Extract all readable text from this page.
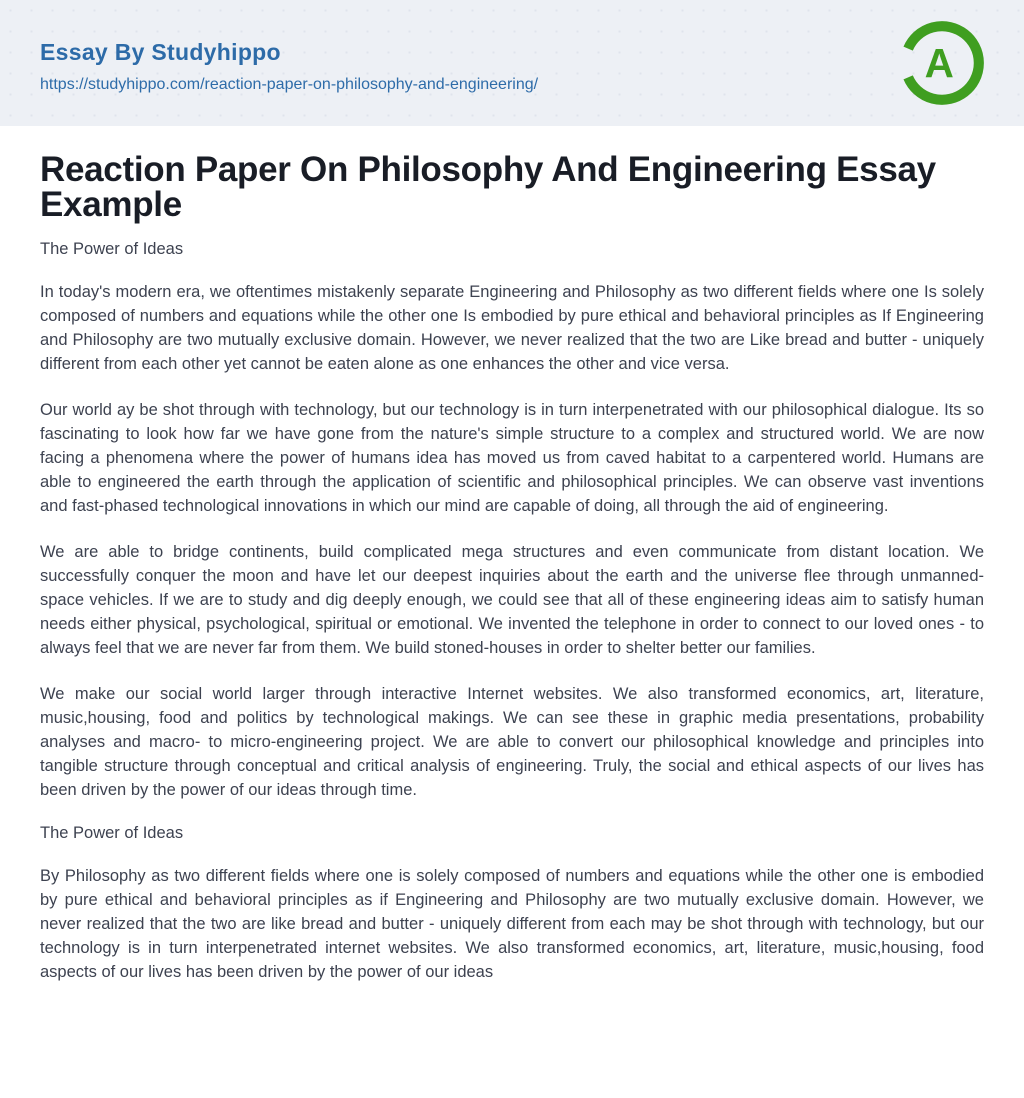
Essay By Studyhippo
https://studyhippo.com/reaction-paper-on-philosophy-and-engineering/	A
Reaction Paper On Philosophy And Engineering Essay Example

The Power of Ideas

In today's modern era, we oftentimes mistakenly separate Engineering and Philosophy as two different fields where one Is solely composed of numbers and equations while the other one Is embodied by pure ethical and behavioral principles as If Engineering and Philosophy are two mutually exclusive domain. However, we never realized that the two are Like bread and butter - uniquely different from each other yet cannot be eaten alone as one enhances the other and vice versa.

Our world ay be shot through with technology, but our technology is in turn interpenetrated with our philosophical dialogue. Its so fascinating to look how far we have gone from the nature's simple structure to a complex and structured world. We are now facing a phenomena where the power of humans idea has moved us from caved habitat to a carpentered world. Humans are able to engineered the earth through the application of scientific and philosophical principles. We can observe vast inventions and fast-phased technological innovations in which our mind are capable of doing, all through the aid of engineering.

We are able to bridge continents, build complicated mega structures and even communicate from distant location. We successfully conquer the moon and have let our deepest inquiries about the earth and the universe flee through unmanned-space vehicles. If we are to study and dig deeply enough, we could see that all of these engineering ideas aim to satisfy human needs either physical, psychological, spiritual or emotional. We invented the telephone in order to connect to our loved ones - to always feel that we are never far from them. We build stoned-houses in order to shelter better our families.

We make our social world larger through interactive Internet websites. We also transformed economics, art, literature, music,housing, food and politics by technological makings. We can see these in graphic media presentations, probability analyses and macro- to micro-engineering project. We are able to convert our philosophical knowledge and principles into tangible structure through conceptual and critical analysis of engineering. Truly, the social and ethical aspects of our lives has been driven by the power of our ideas through time.

The Power of Ideas

By Philosophy as two different fields where one is solely composed of numbers and equations while the other one is embodied by pure ethical and behavioral principles as if Engineering and Philosophy are two mutually exclusive domain. However, we never realized that the two are like bread and butter - uniquely different from each may be shot through with technology, but our technology is in turn interpenetrated internet websites. We also transformed economics, art, literature, music,housing, food aspects of our lives has been driven by the power of our ideas
